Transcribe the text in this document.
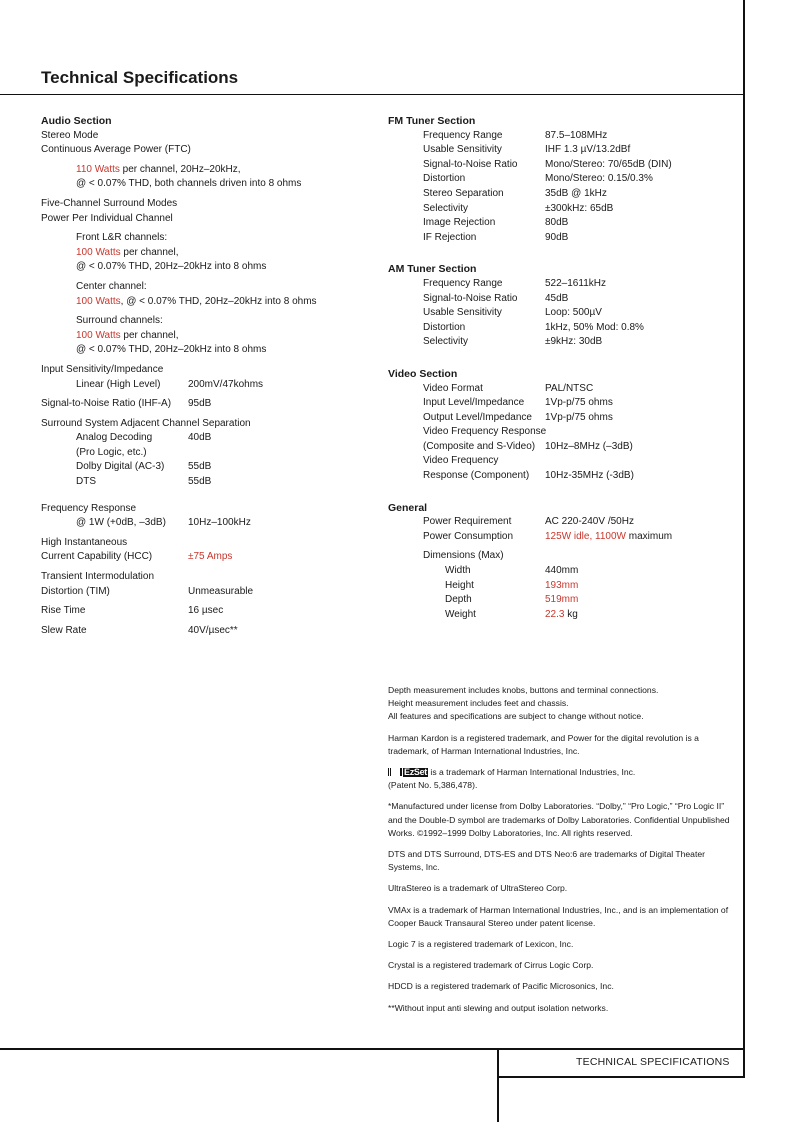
Technical Specifications
Audio Section
Stereo Mode
Continuous Average Power (FTC)
110 Watts per channel, 20Hz–20kHz,
@ < 0.07% THD, both channels driven into 8 ohms
Five-Channel Surround Modes
Power Per Individual Channel
Front L&R channels:
100 Watts per channel,
@ < 0.07% THD, 20Hz–20kHz into 8 ohms
Center channel:
100 Watts, @ < 0.07% THD, 20Hz–20kHz into 8 ohms
Surround channels:
100 Watts per channel,
@ < 0.07% THD, 20Hz–20kHz into 8 ohms
Input Sensitivity/Impedance
Linear (High Level)	200mV/47kohms
Signal-to-Noise Ratio (IHF-A) 95dB
Surround System Adjacent Channel Separation
Analog Decoding	40dB
(Pro Logic, etc.)
Dolby Digital (AC-3) 55dB
DTS	55dB
Frequency Response
@ 1W (+0dB, –3dB) 10Hz–100kHz
High Instantaneous
Current Capability (HCC)	±75 Amps
Transient Intermodulation
Distortion (TIM)	Unmeasurable
Rise Time	16 µsec
Slew Rate	40V/µsec**
FM Tuner Section
Frequency Range	87.5–108MHz
Usable Sensitivity	IHF 1.3 µV/13.2dBf
Signal-to-Noise Ratio	Mono/Stereo: 70/65dB (DIN)
Distortion	Mono/Stereo: 0.15/0.3%
Stereo Separation	35dB @ 1kHz
Selectivity	±300kHz: 65dB
Image Rejection	80dB
IF Rejection	90dB
AM Tuner Section
Frequency Range	522–1611kHz
Signal-to-Noise Ratio	45dB
Usable Sensitivity	Loop: 500µV
Distortion	1kHz, 50% Mod: 0.8%
Selectivity	±9kHz: 30dB
Video Section
Video Format	PAL/NTSC
Input Level/Impedance 1Vp-p/75 ohms
Output Level/Impedance 1Vp-p/75 ohms
Video Frequency Response
(Composite and S-Video) 10Hz–8MHz (–3dB)
Video Frequency
Response (Component) 10Hz-35MHz (-3dB)
General
Power Requirement	AC 220-240V /50Hz
Power Consumption	125W idle, 1100W maximum
Dimensions (Max)
Width	440mm
Height	193mm
Depth	519mm
Weight	22.3 kg

Depth measurement includes knobs, buttons and terminal connections.
Height measurement includes feet and chassis.
All features and specifications are subject to change without notice.

Harman Kardon is a registered trademark, and Power for the digital revolution is a trademark, of Harman International Industries, Inc.

EzSet is a trademark of Harman International Industries, Inc.
(Patent No. 5,386,478).

*Manufactured under license from Dolby Laboratories. “Dolby,” “Pro Logic,” “Pro Logic II” and the Double-D symbol are trademarks of Dolby Laboratories. Confidential Unpublished Works. ©1992–1999 Dolby Laboratories, Inc. All rights reserved.

DTS and DTS Surround, DTS-ES and DTS Neo:6 are trademarks of Digital Theater Systems, Inc.

UltraStereo is a trademark of UltraStereo Corp.

VMAx is a trademark of Harman International Industries, Inc., and is an implementation of Cooper Bauck Transaural Stereo under patent license.

Logic 7 is a registered trademark of Lexicon, Inc.

Crystal is a registered trademark of Cirrus Logic Corp.

HDCD is a registered trademark of Pacific Microsonics, Inc.

**Without input anti slewing and output isolation networks.

TECHNICAL SPECIFICATIONS
